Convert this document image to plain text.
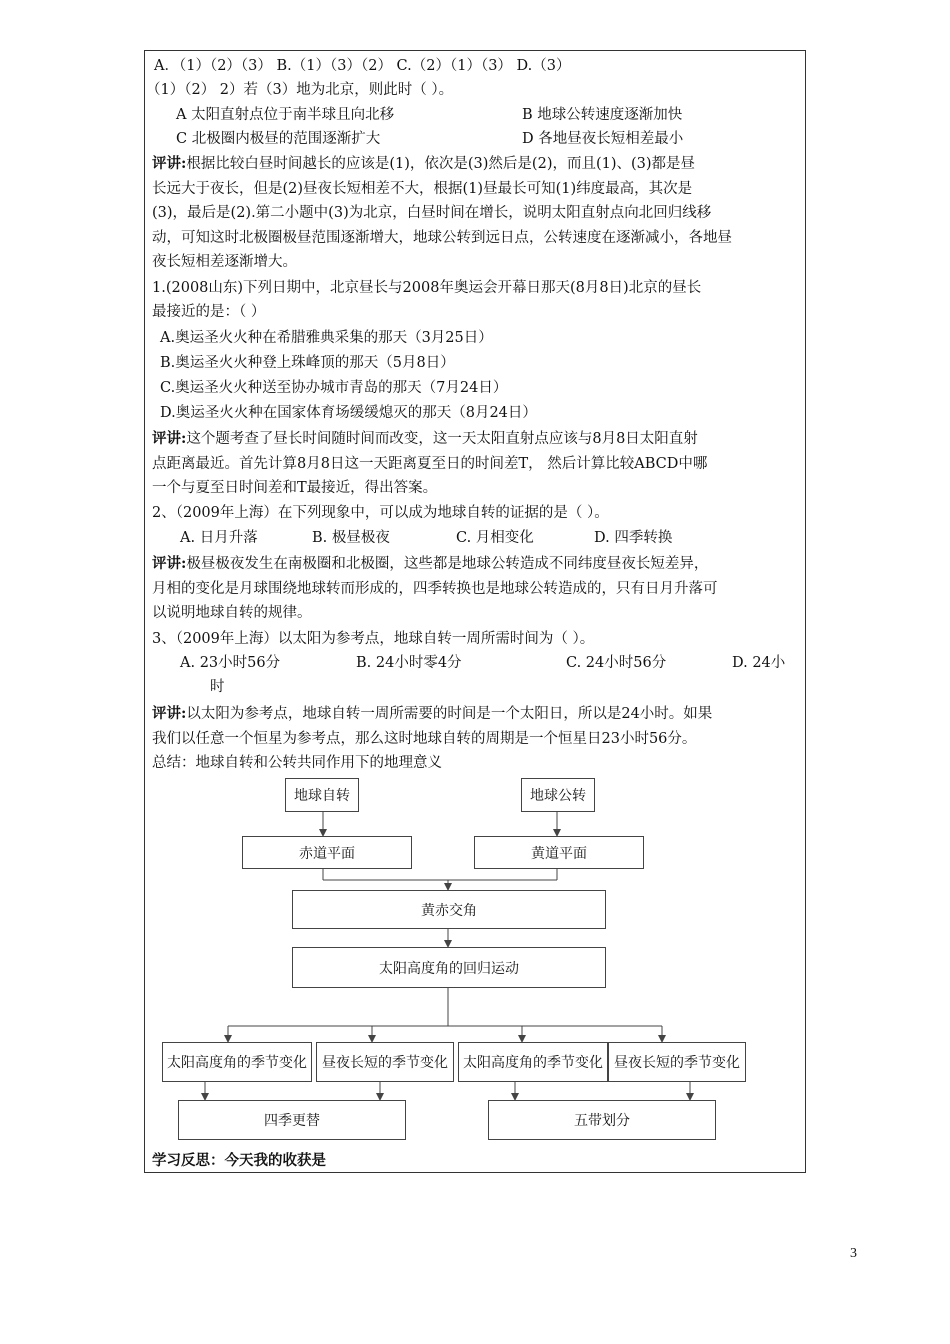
A．（1）（2）（3） B.（1）（3）（2） C.（2）（1）（3） D.（3）
（1）（2） 2）若（3）地为北京，则此时（ ）。
A 太阳直射点位于南半球且向北移	B 地球公转速度逐渐加快
C 北极圈内极昼的范围逐渐扩大	D 各地昼夜长短相差最小
评讲:根据比较白昼时间越长的应该是(1)，依次是(3)然后是(2)，而且(1)、(3)都是昼
长远大于夜长，但是(2)昼夜长短相差不大，根据(1)昼最长可知(1)纬度最高，其次是
(3)，最后是(2).第二小题中(3)为北京，白昼时间在增长，说明太阳直射点向北回归线移
动，可知这时北极圈极昼范围逐渐增大，地球公转到远日点，公转速度在逐渐减小，各地昼
夜长短相差逐渐增大。
1.(2008山东)下列日期中，北京昼长与2008年奥运会开幕日那天(8月8日)北京的昼长
最接近的是：（ ）
A.奥运圣火火种在希腊雅典采集的那天（3月25日）
B.奥运圣火火种登上珠峰顶的那天（5月8日）
C.奥运圣火火种送至协办城市青岛的那天（7月24日）
D.奥运圣火火种在国家体育场缓缓熄灭的那天（8月24日）
评讲:这个题考查了昼长时间随时间而改变，这一天太阳直射点应该与8月8日太阳直射
点距离最近。首先计算8月8日这一天距离夏至日的时间差T， 然后计算比较ABCD中哪
一个与夏至日时间差和T最接近，得出答案。
2、（2009年上海）在下列现象中，可以成为地球自转的证据的是（ ）。
A. 日月升落	B. 极昼极夜	C. 月相变化	D. 四季转换
评讲:极昼极夜发生在南极圈和北极圈，这些都是地球公转造成不同纬度昼夜长短差异，
月相的变化是月球围绕地球转而形成的，四季转换也是地球公转造成的，只有日月升落可
以说明地球自转的规律。
3、（2009年上海）以太阳为参考点，地球自转一周所需时间为（ ）。
A. 23小时56分	B. 24小时零4分	C. 24小时56分	D. 24小
时
评讲:以太阳为参考点，地球自转一周所需要的时间是一个太阳日，所以是24小时。如果
我们以任意一个恒星为参考点，那么这时地球自转的周期是一个恒星日23小时56分。
总结：地球自转和公转共同作用下的地理意义
地球自转	地球公转
赤道平面	黄道平面
黄赤交角
太阳高度角的回归运动
太阳高度角的季节变化	昼夜长短的季节变化	太阳高度角的季节变化 昼夜长短的季节变化
四季更替	五带划分
学习反思：今天我的收获是
3
